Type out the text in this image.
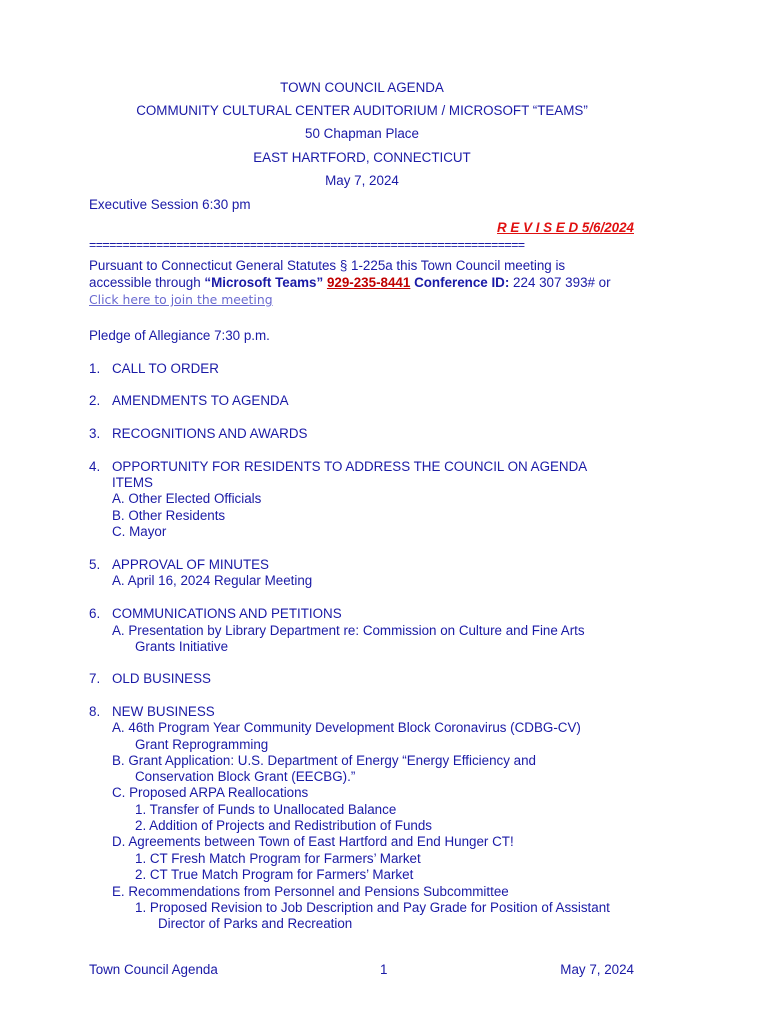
TOWN COUNCIL AGENDA
COMMUNITY CULTURAL CENTER AUDITORIUM / MICROSOFT “TEAMS”
50 Chapman Place
EAST HARTFORD, CONNECTICUT
May 7, 2024
Executive Session 6:30 pm
R E V I S E D 5/6/2024
=================================================================
Pursuant to Connecticut General Statutes § 1-225a this Town Council meeting is
accessible through “Microsoft Teams” 929-235-8441 Conference ID: 224 307 393# or
Click here to join the meeting
Pledge of Allegiance 7:30 p.m.
1. CALL TO ORDER
2. AMENDMENTS TO AGENDA
3. RECOGNITIONS AND AWARDS
4. OPPORTUNITY FOR RESIDENTS TO ADDRESS THE COUNCIL ON AGENDA
ITEMS
A. Other Elected Officials
B. Other Residents
C. Mayor
5. APPROVAL OF MINUTES
A. April 16, 2024 Regular Meeting
6. COMMUNICATIONS AND PETITIONS
A. Presentation by Library Department re: Commission on Culture and Fine Arts
Grants Initiative
7. OLD BUSINESS
8. NEW BUSINESS
A. 46th Program Year Community Development Block Coronavirus (CDBG-CV)
Grant Reprogramming
B. Grant Application: U.S. Department of Energy “Energy Efficiency and
Conservation Block Grant (EECBG).”
C. Proposed ARPA Reallocations
1. Transfer of Funds to Unallocated Balance
2. Addition of Projects and Redistribution of Funds
D. Agreements between Town of East Hartford and End Hunger CT!
1. CT Fresh Match Program for Farmers’ Market
2. CT True Match Program for Farmers’ Market
E. Recommendations from Personnel and Pensions Subcommittee
1. Proposed Revision to Job Description and Pay Grade for Position of Assistant
Director of Parks and Recreation
Town Council Agenda	1	May 7, 2024
